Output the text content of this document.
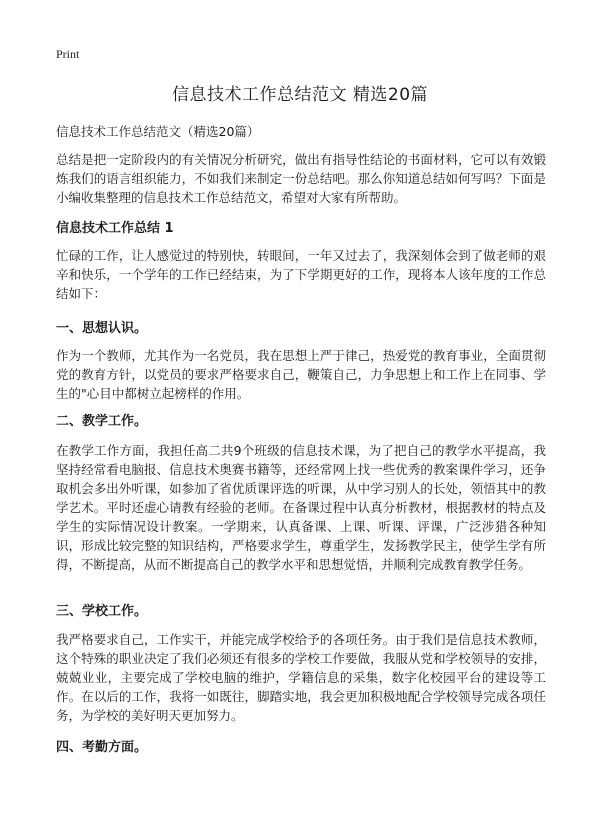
Print
信息技术工作总结范文 精选20篇

信息技术工作总结范文（精选20篇）

总结是把一定阶段内的有关情况分析研究，做出有指导性结论的书面材料，它可以有效锻炼我们的语言组织能力，不如我们来制定一份总结吧。那么你知道总结如何写吗？下面是小编收集整理的信息技术工作总结范文，希望对大家有所帮助。

信息技术工作总结 1

忙碌的工作，让人感觉过的特别快，转眼间，一年又过去了，我深刻体会到了做老师的艰辛和快乐，一个学年的工作已经结束，为了下学期更好的工作，现将本人该年度的工作总结如下：

一、思想认识。

作为一个教师，尤其作为一名党员，我在思想上严于律己，热爱党的教育事业，全面贯彻党的教育方针，以党员的要求严格要求自己，鞭策自己，力争思想上和工作上在同事、学生的"心目中都树立起榜样的作用。

二、教学工作。

在教学工作方面，我担任高二共9个班级的信息技术课，为了把自己的教学水平提高，我坚持经常看电脑报、信息技术奥赛书籍等，还经常网上找一些优秀的教案课件学习，还争取机会多出外听课，如参加了省优质课评选的听课，从中学习别人的长处，领悟其中的教学艺术。平时还虚心请教有经验的老师。在备课过程中认真分析教材，根据教材的特点及学生的实际情况设计教案。一学期来，认真备课、上课、听课、评课，广泛涉猎各种知识，形成比较完整的知识结构，严格要求学生，尊重学生，发扬教学民主，使学生学有所得，不断提高，从而不断提高自己的教学水平和思想觉悟，并顺利完成教育教学任务。

三、学校工作。

我严格要求自己，工作实干，并能完成学校给予的各项任务。由于我们是信息技术教师，这个特殊的职业决定了我们必须还有很多的学校工作要做，我服从党和学校领导的安排，兢兢业业，主要完成了学校电脑的维护，学籍信息的采集，数字化校园平台的建设等工作。在以后的工作，我将一如既往，脚踏实地，我会更加积极地配合学校领导完成各项任务，为学校的美好明天更加努力。

四、考勤方面。
